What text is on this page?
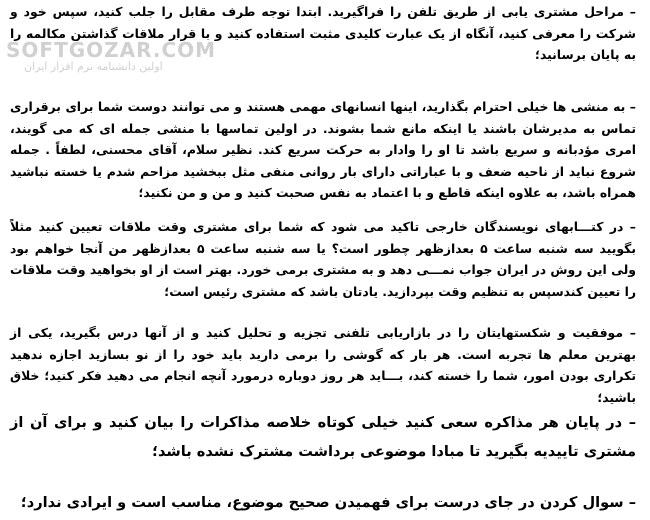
– مراحل مشتری یابی از طریق تلفن را فراگیرید. ابتدا توجه طرف مقابل را جلب کنید، سپس خود و شرکت را معرفی کنید، آنگاه از یک عبارت کلیدی مثبت استفاده کنید و با قرار ملاقات گذاشتن مکالمه را به پایان برسانید؛

– به منشی ها خیلی احترام بگذارید، اینها انسانهای مهمی هستند و می توانند دوست شما برای برقراری تماس به مدیرشان باشند یا اینکه مانع شما بشوند. در اولین تماسها با منشی جمله ای که می گویند، امری مؤدبانه و سریع باشد تا او را وادار به حرکت سریع کند. نظیر سلام، آقای محسنی، لطفاً . جمله شروع نباید از ناحیه ضعف و با عباراتی دارای بار روانی منفی مثل ببخشید مزاحم شدم یا خسته نباشید همراه باشد، به علاوه اینکه قاطع و با اعتماد به نفس صحبت کنید و من و من نکنید؛

– در کتـــابهای نویسندگان خارجی تاکید می شود که شما برای مشتری وقت ملاقات تعیین کنید مثلاً بگویید سه شنبه ساعت ۵ بعدازظهر چطور است؟ یا سه شنبه ساعت ۵ بعدازظهر من آنجا خواهم بود ولی این روش در ایران جواب نمـــی دهد و به مشتری برمی خورد. بهتر است از او بخواهید وقت ملاقات را تعیین کندسپس به تنظیم وقت بپردازید. یادتان باشد که مشتری رئیس است؛

– موفقیت و شکستهایتان را در بازاریابی تلفنی تجزیه و تحلیل کنید و از آنها درس بگیرید، یکی از بهترین معلم ها تجربه است. هر بار که گوشی را برمی دارید باید خود را از نو بسازید اجازه ندهید تکراری بودن امور، شما را خسته کند، بـــاید هر روز دوباره درمورد آنچه انجام می دهید فکر کنید؛ خلاق باشید؛

– در پایان هر مذاکره سعی کنید خیلی کوتاه خلاصه مذاکرات را بیان کنید و برای آن از مشتری تاییدیه بگیرید تا مبادا موضوعی برداشت مشترک نشده باشد؛

– سوال کردن در جای درست برای فهمیدن صحیح موضوع، مناسب است و ایرادی ندارد؛

SOFTGOZAR.COM
اولین دانشنامه نرم افزار ایران
